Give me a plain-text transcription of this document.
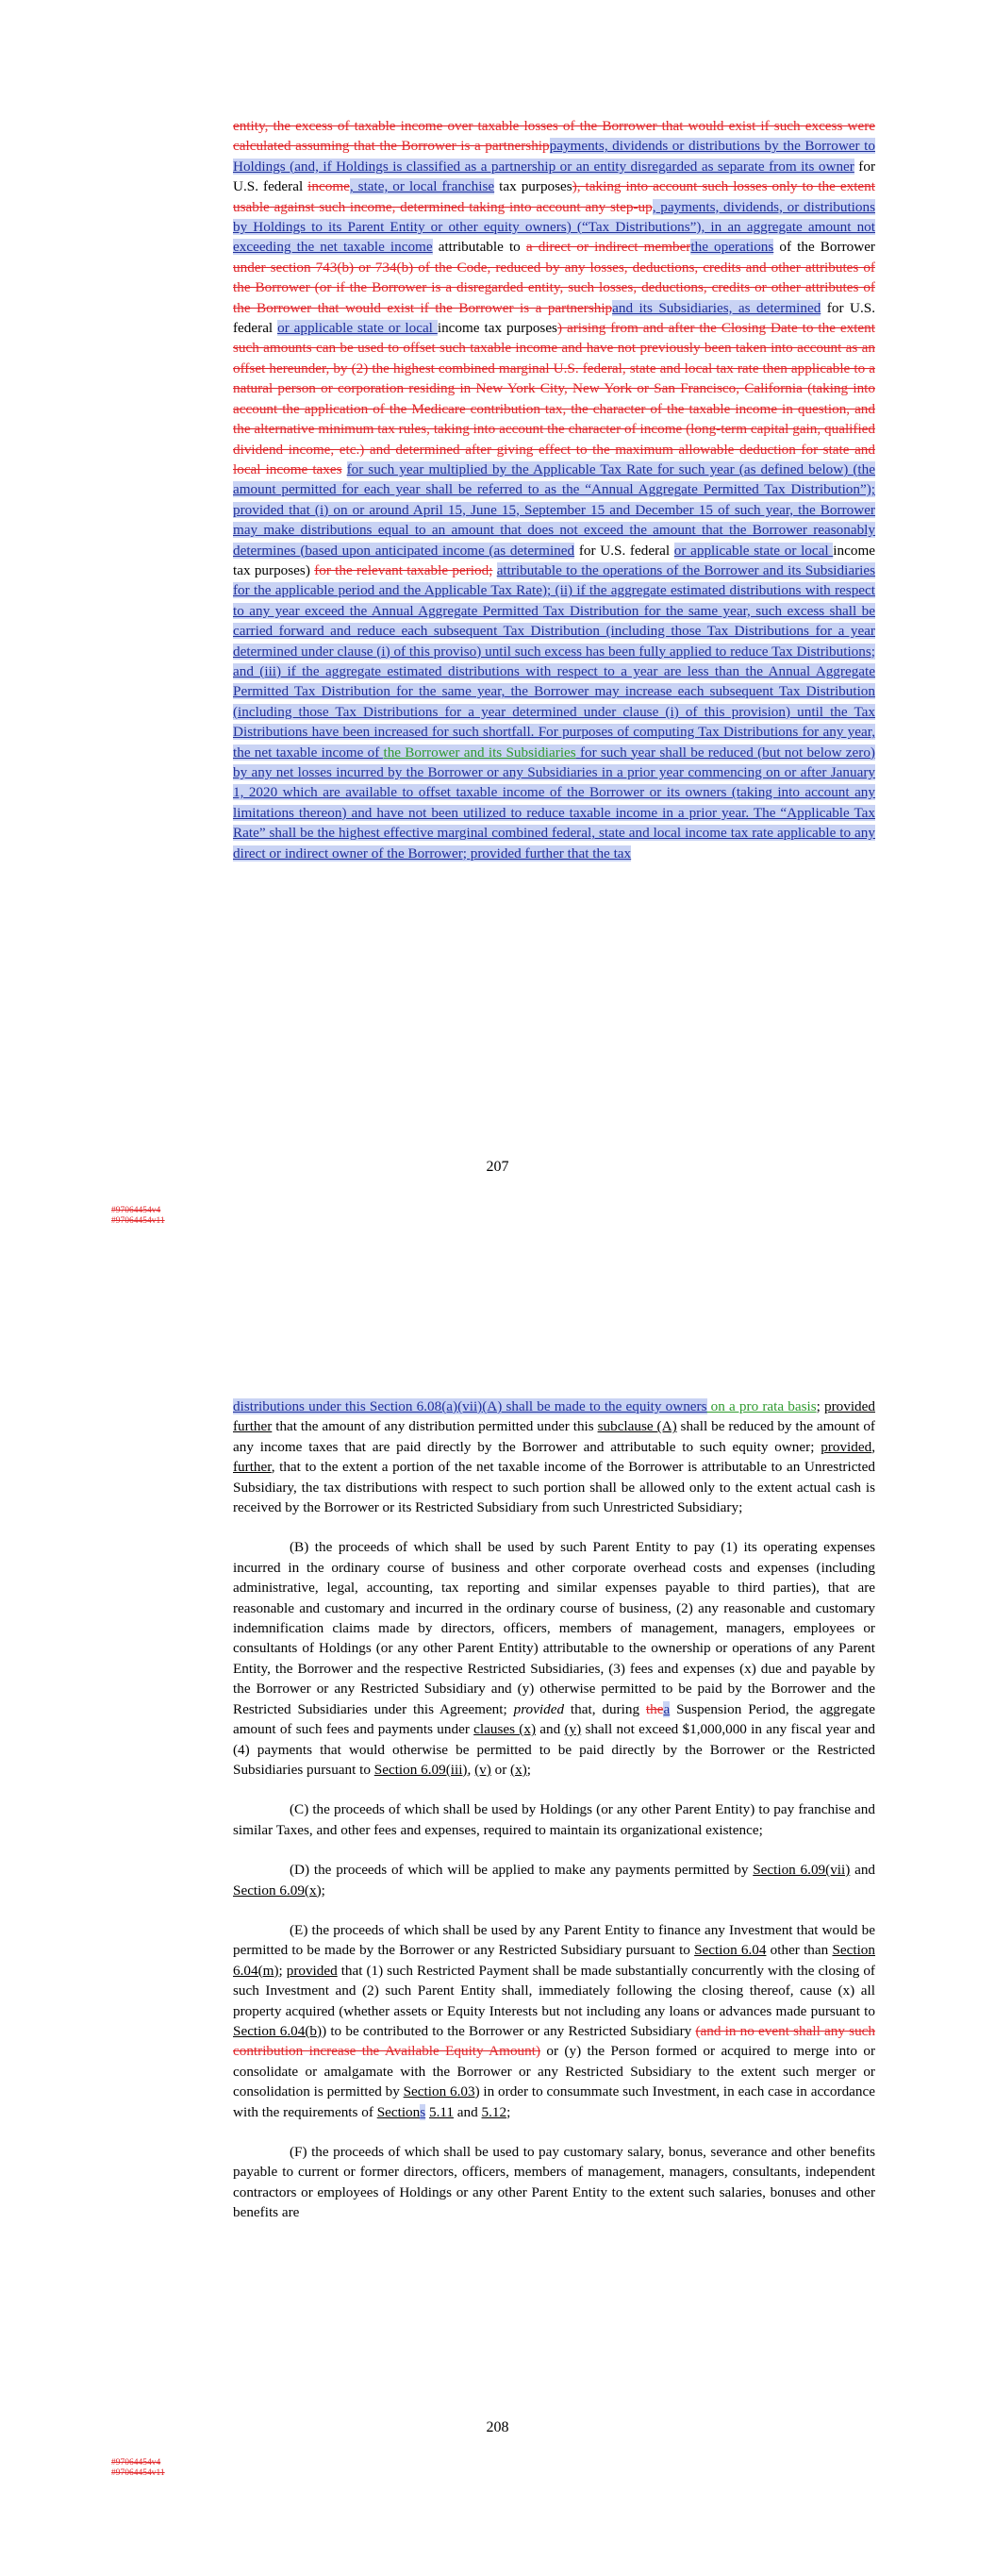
entity, the excess of taxable income over taxable losses of the Borrower that would exist if such excess were calculated assuming that the Borrower is a partnershippayments, dividends or distributions by the Borrower to Holdings (and, if Holdings is classified as a partnership or an entity disregarded as separate from its owner for U.S. federal income, state, or local franchise tax purposes), taking into account such losses only to the extent usable against such income, determined taking into account any step-up, payments, dividends, or distributions by Holdings to its Parent Entity or other equity owners) (“Tax Distributions”), in an aggregate amount not exceeding the net taxable income attributable to a direct or indirect memberthe operations of the Borrower under section 743(b) or 734(b) of the Code, reduced by any losses, deductions, credits and other attributes of the Borrower (or if the Borrower is a disregarded entity, such losses, deductions, credits or other attributes of the Borrower that would exist if the Borrower is a partnershipand its Subsidiaries, as determined for U.S. federal or applicable state or local income tax purposes) arising from and after the Closing Date to the extent such amounts can be used to offset such taxable income and have not previously been taken into account as an offset hereunder, by (2) the highest combined marginal U.S. federal, state and local tax rate then applicable to a natural person or corporation residing in New York City, New York or San Francisco, California (taking into account the application of the Medicare contribution tax, the character of the taxable income in question, and the alternative minimum tax rules, taking into account the character of income (long-term capital gain, qualified dividend income, etc.) and determined after giving effect to the maximum allowable deduction for state and local income taxes for such year multiplied by the Applicable Tax Rate for such year (as defined below) (the amount permitted for each year shall be referred to as the “Annual Aggregate Permitted Tax Distribution”); provided that (i) on or around April 15, June 15, September 15 and December 15 of such year, the Borrower may make distributions equal to an amount that does not exceed the amount that the Borrower reasonably determines (based upon anticipated income (as determined for U.S. federal or applicable state or local income tax purposes) for the relevant taxable period; attributable to the operations of the Borrower and its Subsidiaries for the applicable period and the Applicable Tax Rate); (ii) if the aggregate estimated distributions with respect to any year exceed the Annual Aggregate Permitted Tax Distribution for the same year, such excess shall be carried forward and reduce each subsequent Tax Distribution (including those Tax Distributions for a year determined under clause (i) of this proviso) until such excess has been fully applied to reduce Tax Distributions; and (iii) if the aggregate estimated distributions with respect to a year are less than the Annual Aggregate Permitted Tax Distribution for the same year, the Borrower may increase each subsequent Tax Distribution (including those Tax Distributions for a year determined under clause (i) of this provision) until the Tax Distributions have been increased for such shortfall. For purposes of computing Tax Distributions for any year, the net taxable income of the Borrower and its Subsidiaries for such year shall be reduced (but not below zero) by any net losses incurred by the Borrower or any Subsidiaries in a prior year commencing on or after January 1, 2020 which are available to offset taxable income of the Borrower or its owners (taking into account any limitations thereon) and have not been utilized to reduce taxable income in a prior year. The “Applicable Tax Rate” shall be the highest effective marginal combined federal, state and local income tax rate applicable to any direct or indirect owner of the Borrower; provided further that the tax

207
#97064454v4
#97064454v11

distributions under this Section 6.08(a)(vii)(A) shall be made to the equity owners on a pro rata basis; provided further that the amount of any distribution permitted under this subclause (A) shall be reduced by the amount of any income taxes that are paid directly by the Borrower and attributable to such equity owner; provided, further, that to the extent a portion of the net taxable income of the Borrower is attributable to an Unrestricted Subsidiary, the tax distributions with respect to such portion shall be allowed only to the extent actual cash is received by the Borrower or its Restricted Subsidiary from such Unrestricted Subsidiary;

(B) the proceeds of which shall be used by such Parent Entity to pay (1) its operating expenses incurred in the ordinary course of business and other corporate overhead costs and expenses (including administrative, legal, accounting, tax reporting and similar expenses payable to third parties), that are reasonable and customary and incurred in the ordinary course of business, (2) any reasonable and customary indemnification claims made by directors, officers, members of management, managers, employees or consultants of Holdings (or any other Parent Entity) attributable to the ownership or operations of any Parent Entity, the Borrower and the respective Restricted Subsidiaries, (3) fees and expenses (x) due and payable by the Borrower or any Restricted Subsidiary and (y) otherwise permitted to be paid by the Borrower and the Restricted Subsidiaries under this Agreement; provided that, during thea Suspension Period, the aggregate amount of such fees and payments under clauses (x) and (y) shall not exceed $1,000,000 in any fiscal year and (4) payments that would otherwise be permitted to be paid directly by the Borrower or the Restricted Subsidiaries pursuant to Section 6.09(iii), (v) or (x);

(C) the proceeds of which shall be used by Holdings (or any other Parent Entity) to pay franchise and similar Taxes, and other fees and expenses, required to maintain its organizational existence;

(D) the proceeds of which will be applied to make any payments permitted by Section 6.09(vii) and Section 6.09(x);

(E) the proceeds of which shall be used by any Parent Entity to finance any Investment that would be permitted to be made by the Borrower or any Restricted Subsidiary pursuant to Section 6.04 other than Section 6.04(m); provided that (1) such Restricted Payment shall be made substantially concurrently with the closing of such Investment and (2) such Parent Entity shall, immediately following the closing thereof, cause (x) all property acquired (whether assets or Equity Interests but not including any loans or advances made pursuant to Section 6.04(b)) to be contributed to the Borrower or any Restricted Subsidiary (and in no event shall any such contribution increase the Available Equity Amount) or (y) the Person formed or acquired to merge into or consolidate or amalgamate with the Borrower or any Restricted Subsidiary to the extent such merger or consolidation is permitted by Section 6.03) in order to consummate such Investment, in each case in accordance with the requirements of Sections 5.11 and 5.12;

(F) the proceeds of which shall be used to pay customary salary, bonus, severance and other benefits payable to current or former directors, officers, members of management, managers, consultants, independent contractors or employees of Holdings or any other Parent Entity to the extent such salaries, bonuses and other benefits are

208
#97064454v4
#97064454v11
